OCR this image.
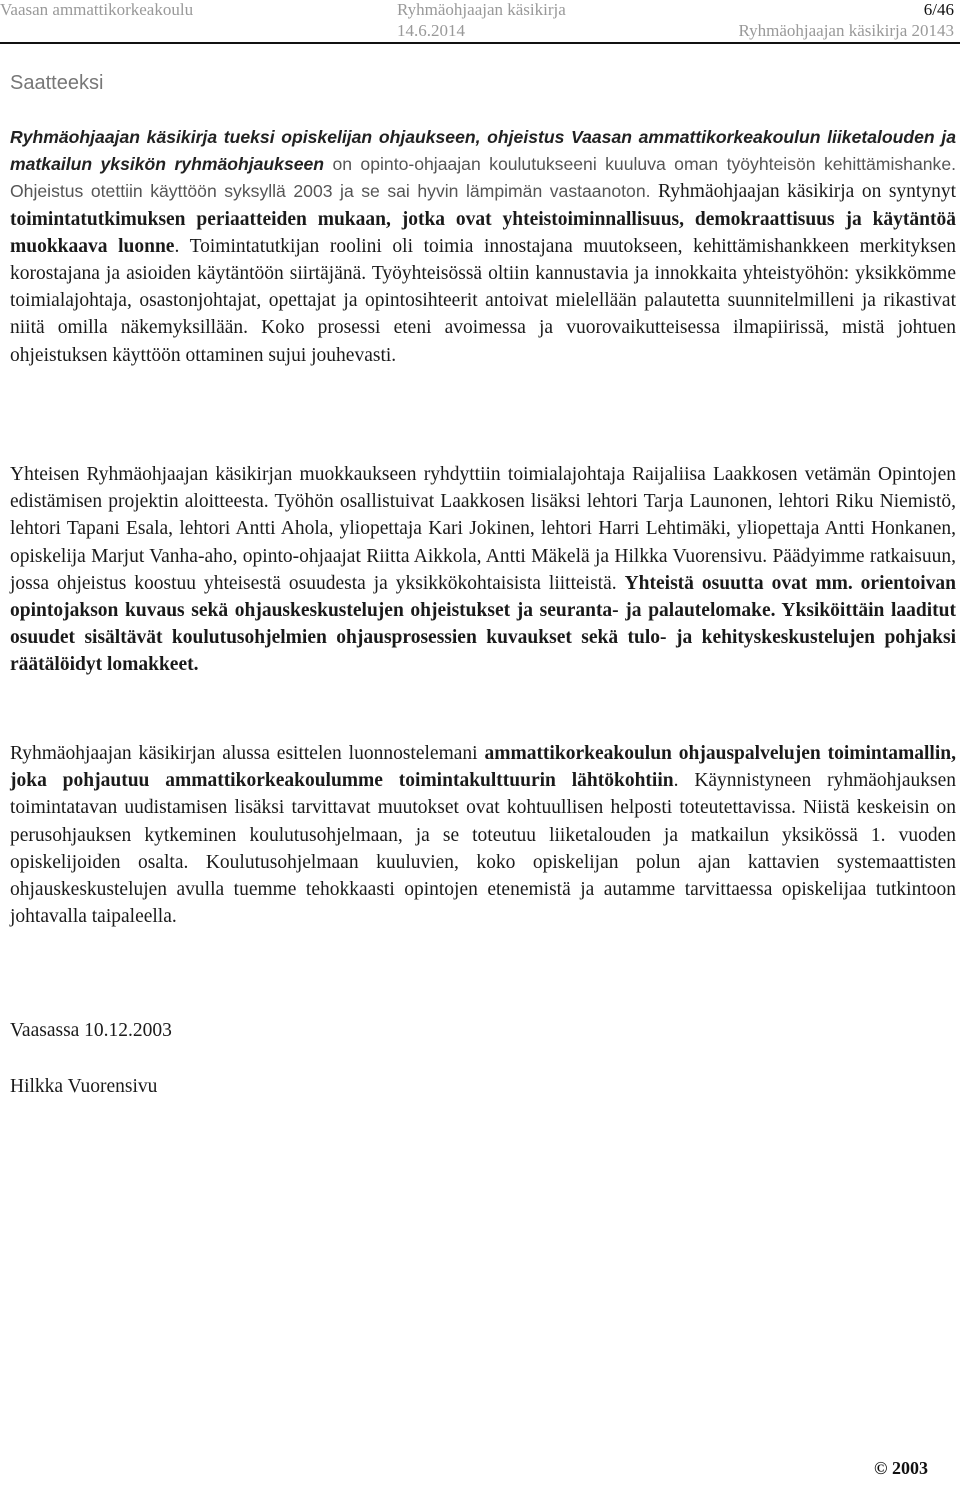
Vaasan ammattikorkeakoulu	Ryhmäohjaajan käsikirja	6/46
14.6.2014	Ryhmäohjaajan käsikirja 20143
Saatteeksi
Ryhmäohjaajan käsikirja tueksi opiskelijan ohjaukseen, ohjeistus Vaasan ammattikorkeakoulun liiketalouden ja matkailun yksikön ryhmäohjaukseen on opinto-ohjaajan koulutukseeni kuuluva oman työyhteisön kehittämishanke. Ohjeistus otettiin käyttöön syksyllä 2003 ja se sai hyvin lämpimän vastaanoton. Ryhmäohjaajan käsikirja on syntynyt toimintatutkimuksen periaatteiden mukaan, jotka ovat yhteistoiminnallisuus, demokraattisuus ja käytäntöä muokkaava luonne. Toimintatutkijan roolini oli toimia innostajana muutokseen, kehittämishankkeen merkityksen korostajana ja asioiden käytäntöön siirtäjänä. Työyhteisössä oltiin kannustavia ja innokkaita yhteistyöhön: yksikkömme toimialajohtaja, osastonjohtajat, opettajat ja opintosihteerit antoivat mielellään palautetta suunnitelmilleni ja rikastivat niitä omilla näkemyksillään. Koko prosessi eteni avoimessa ja vuorovaikutteisessa ilmapiirissä, mistä johtuen ohjeistuksen käyttöön ottaminen sujui jouhevasti.
Yhteisen Ryhmäohjaajan käsikirjan muokkaukseen ryhdyttiin toimialajohtaja Raijaliisa Laakkosen vetämän Opintojen edistämisen projektin aloitteesta. Työhön osallistuivat Laakkosen lisäksi lehtori Tarja Launonen, lehtori Riku Niemistö, lehtori Tapani Esala, lehtori Antti Ahola, yliopettaja Kari Jokinen, lehtori Harri Lehtimäki, yliopettaja Antti Honkanen, opiskelija Marjut Vanha-aho, opinto-ohjaajat Riitta Aikkola, Antti Mäkelä ja Hilkka Vuorensivu. Päädyimme ratkaisuun, jossa ohjeistus koostuu yhteisestä osuudesta ja yksikkökohtaisista liitteistä. Yhteistä osuutta ovat mm. orientoivan opintojakson kuvaus sekä ohjauskeskustelujen ohjeistukset ja seuranta- ja palautelomake. Yksiköittäin laaditut osuudet sisältävät koulutusohjelmien ohjausprosessien kuvaukset sekä tulo- ja kehityskeskustelujen pohjaksi räätälöidyt lomakkeet.
Ryhmäohjaajan käsikirjan alussa esittelen luonnostelemani ammattikorkeakoulun ohjauspalvelujen toimintamallin, joka pohjautuu ammattikorkeakoulumme toimintakulttuurin lähtökohtiin. Käynnistyneen ryhmäohjauksen toimintatavan uudistamisen lisäksi tarvittavat muutokset ovat kohtuullisen helposti toteutettavissa. Niistä keskeisin on perusohjauksen kytkeminen koulutusohjelmaan, ja se toteutuu liiketalouden ja matkailun yksikössä 1. vuoden opiskelijoiden osalta. Koulutusohjelmaan kuuluvien, koko opiskelijan polun ajan kattavien systemaattisten ohjauskeskustelujen avulla tuemme tehokkaasti opintojen etenemistä ja autamme tarvittaessa opiskelijaa tutkintoon johtavalla taipaleella.
Vaasassa 10.12.2003
Hilkka Vuorensivu
© 2003
